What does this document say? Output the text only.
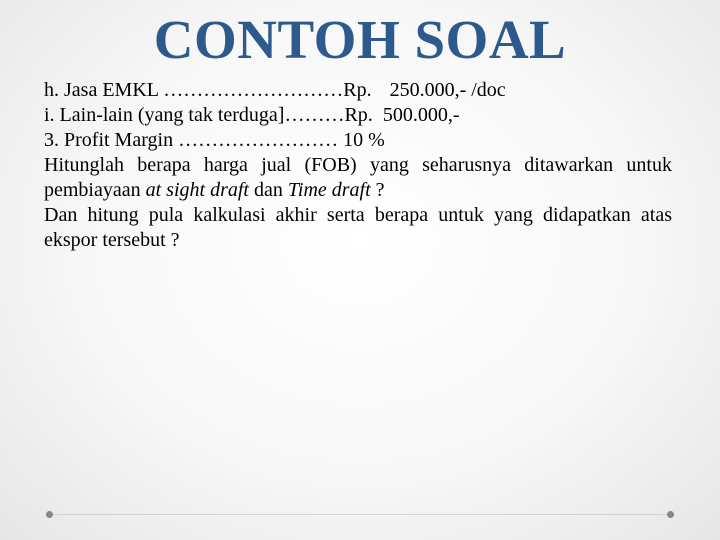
CONTOH SOAL
h. Jasa EMKL ………………………Rp. 250.000,- /doc
i. Lain-lain (yang tak terduga]………Rp. 500.000,-
3. Profit Margin …………………… 10 %
Hitunglah berapa harga jual (FOB) yang seharusnya ditawarkan untuk pembiayaan at sight draft dan Time draft ?
Dan hitung pula kalkulasi akhir serta berapa untuk yang didapatkan atas ekspor tersebut ?
